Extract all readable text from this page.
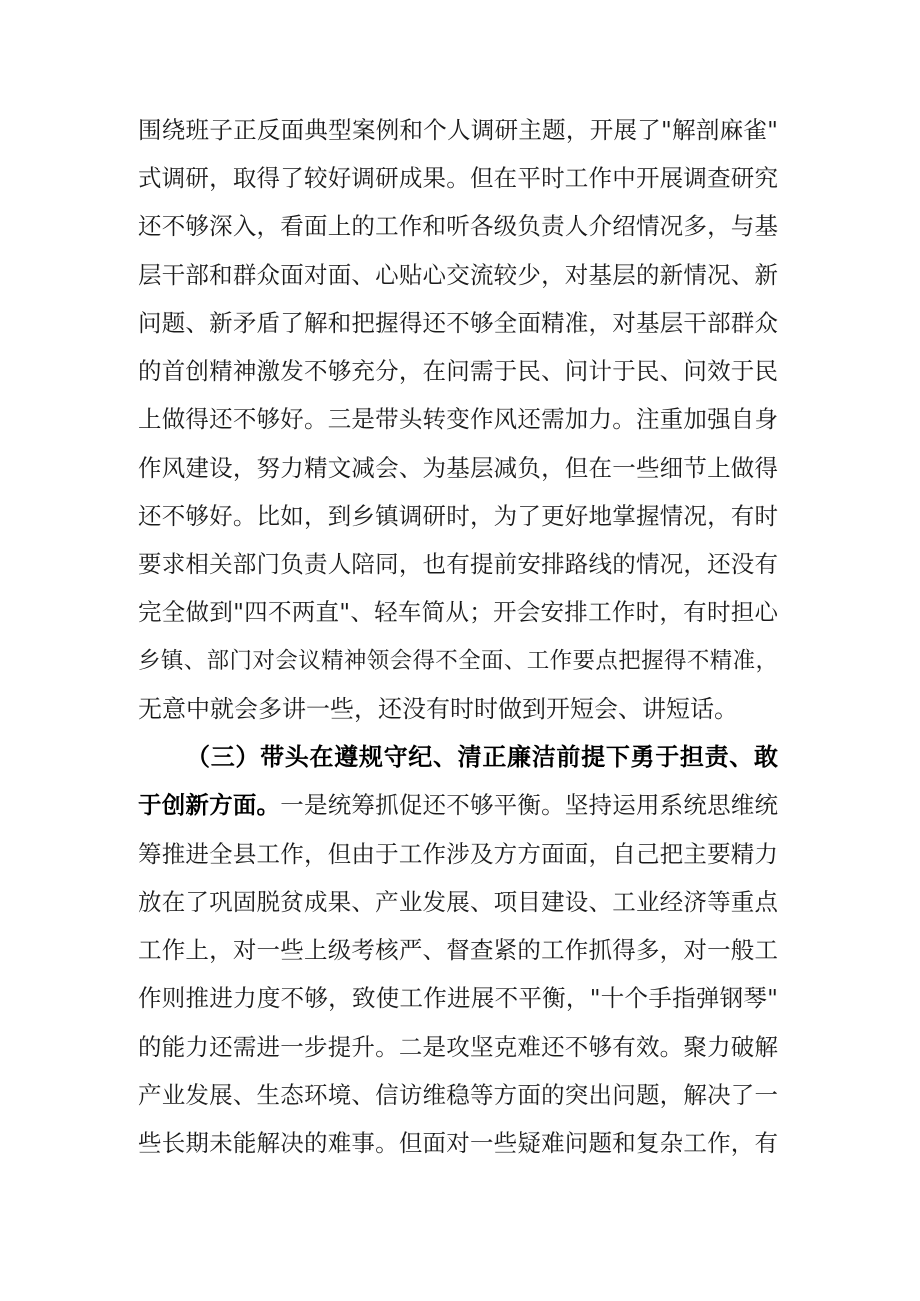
围绕班子正反面典型案例和个人调研主题，开展了"解剖麻雀"
式调研，取得了较好调研成果。但在平时工作中开展调查研究
还不够深入，看面上的工作和听各级负责人介绍情况多，与基
层干部和群众面对面、心贴心交流较少，对基层的新情况、新
问题、新矛盾了解和把握得还不够全面精准，对基层干部群众
的首创精神激发不够充分，在问需于民、问计于民、问效于民
上做得还不够好。三是带头转变作风还需加力。注重加强自身
作风建设，努力精文减会、为基层减负，但在一些细节上做得
还不够好。比如，到乡镇调研时，为了更好地掌握情况，有时
要求相关部门负责人陪同，也有提前安排路线的情况，还没有
完全做到"四不两直"、轻车简从；开会安排工作时，有时担心
乡镇、部门对会议精神领会得不全面、工作要点把握得不精准，
无意中就会多讲一些，还没有时时做到开短会、讲短话。
（三）带头在遵规守纪、清正廉洁前提下勇于担责、敢
于创新方面。一是统筹抓促还不够平衡。坚持运用系统思维统
筹推进全县工作，但由于工作涉及方方面面，自己把主要精力
放在了巩固脱贫成果、产业发展、项目建设、工业经济等重点
工作上，对一些上级考核严、督查紧的工作抓得多，对一般工
作则推进力度不够，致使工作进展不平衡，"十个手指弹钢琴"
的能力还需进一步提升。二是攻坚克难还不够有效。聚力破解
产业发展、生态环境、信访维稳等方面的突出问题，解决了一
些长期未能解决的难事。但面对一些疑难问题和复杂工作，有
